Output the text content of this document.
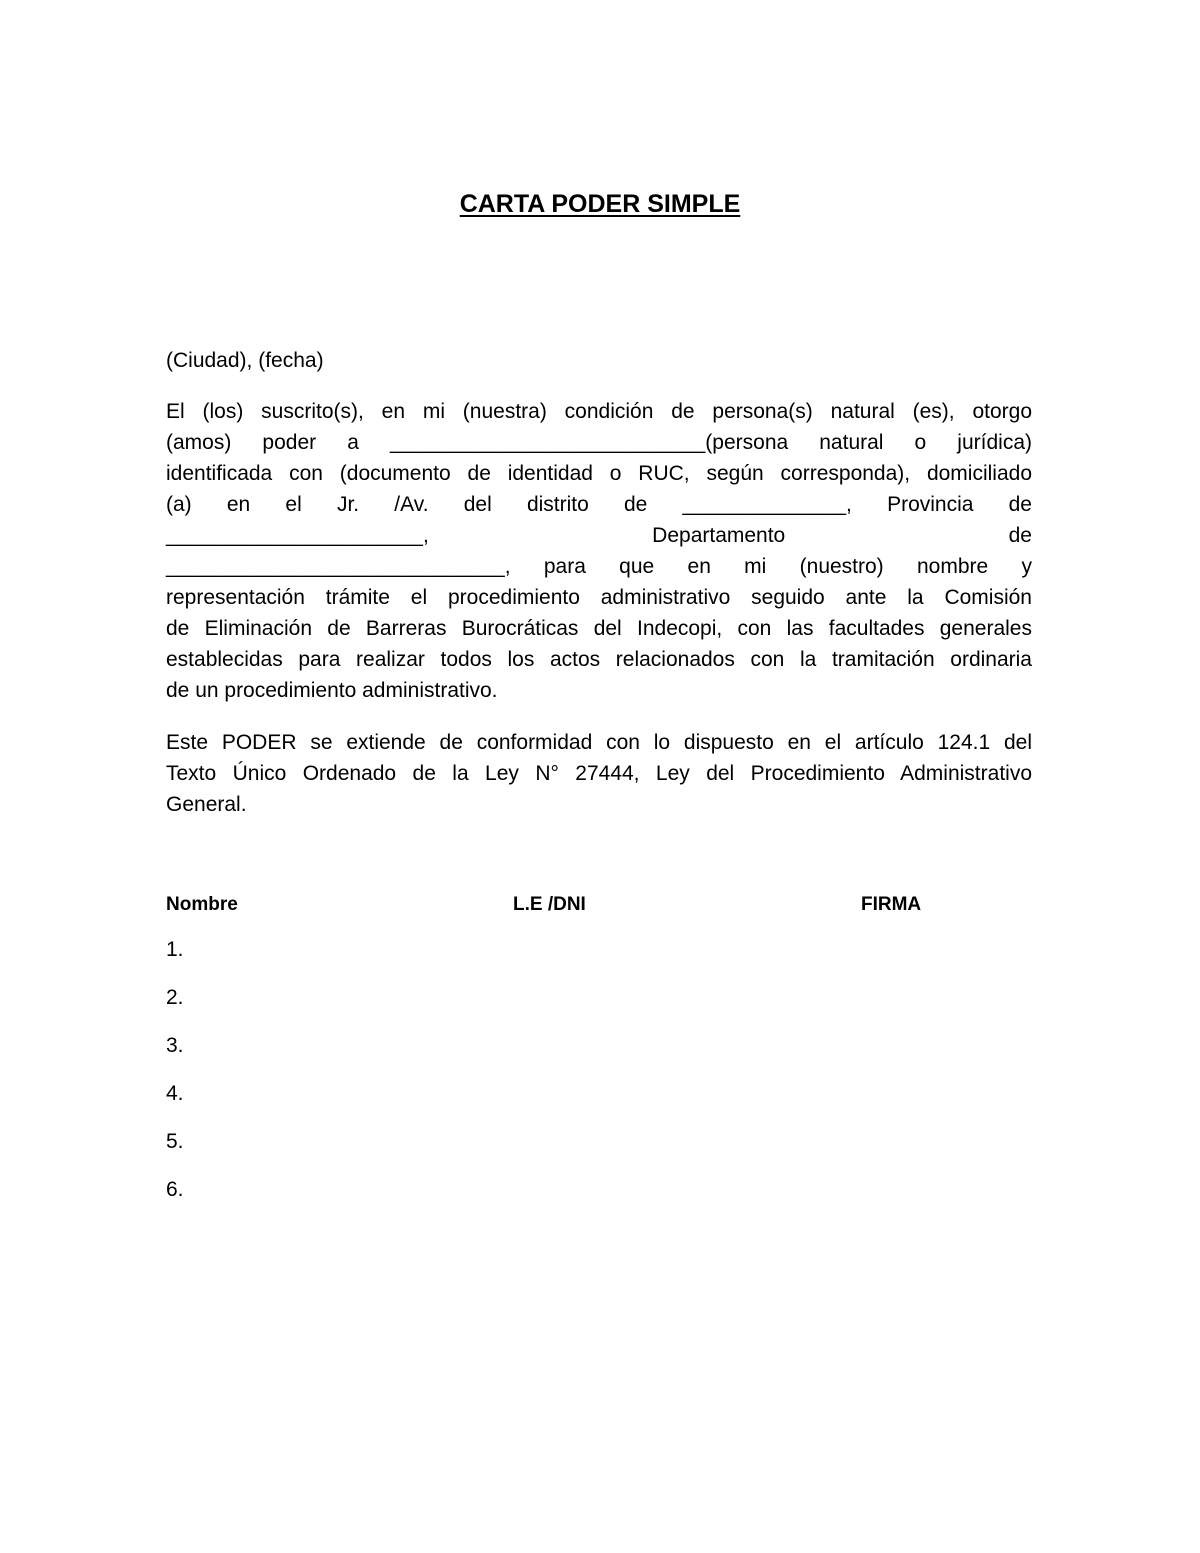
CARTA PODER SIMPLE
(Ciudad), (fecha)
El (los) suscrito(s), en mi (nuestra) condición de persona(s) natural (es), otorgo
(amos) poder a ___________________________(persona natural o jurídica)
identificada con (documento de identidad o RUC, según corresponda), domiciliado
(a) en el Jr. /Av. del distrito de ______________, Provincia de
______________________, Departamento de
_____________________________, para que en mi (nuestro) nombre y
representación trámite el procedimiento administrativo seguido ante la Comisión
de Eliminación de Barreras Burocráticas del Indecopi, con las facultades generales
establecidas para realizar todos los actos relacionados con la tramitación ordinaria
de un procedimiento administrativo.
Este PODER se extiende de conformidad con lo dispuesto en el artículo 124.1 del
Texto Único Ordenado de la Ley N° 27444, Ley del Procedimiento Administrativo
General.
Nombre	L.E /DNI	FIRMA
1.
2.
3.
4.
5.
6.
